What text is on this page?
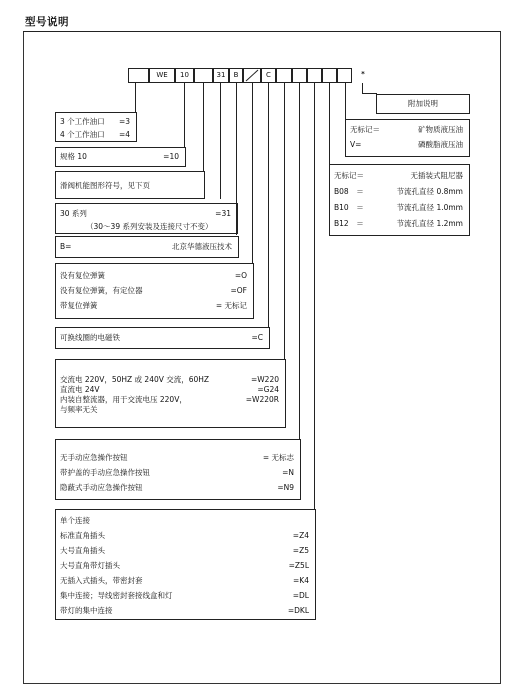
型号说明
WE	10	31	B	C	*
附加说明
无标记＝	矿物质液压油
V=	磷酸脂液压油
无标记＝	无插装式阻尼器
B08　＝	节流孔直径 0.8mm
B10　＝	节流孔直径 1.0mm
B12　＝	节流孔直径 1.2mm
3 个工作油口 =3
4 个工作油口 =4
规格 10	=10
滑阀机能图形符号，见下页
30 系列	=31
（30～39 系列安装及连接尺寸不变）
B=	北京华德液压技术
没有复位弹簧	=O
没有复位弹簧，有定位器	=OF
带复位弹簧	= 无标记
可换线圈的电磁铁	=C
交流电 220V，50HZ 或 240V 交流，60HZ	=W220
直流电 24V	=G24
内装自整流器，用于交流电压 220V，	=W220R
与频率无关
无手动应急操作按钮	= 无标志
带护盖的手动应急操作按钮	=N
隐蔽式手动应急操作按钮	=N9
单个连接
标准直角插头	=Z4
大号直角插头	=Z5
大号直角带灯插头	=Z5L
无插入式插头，带密封套	=K4
集中连接；导线密封套接线盒和灯	=DL
带灯的集中连接	=DKL
